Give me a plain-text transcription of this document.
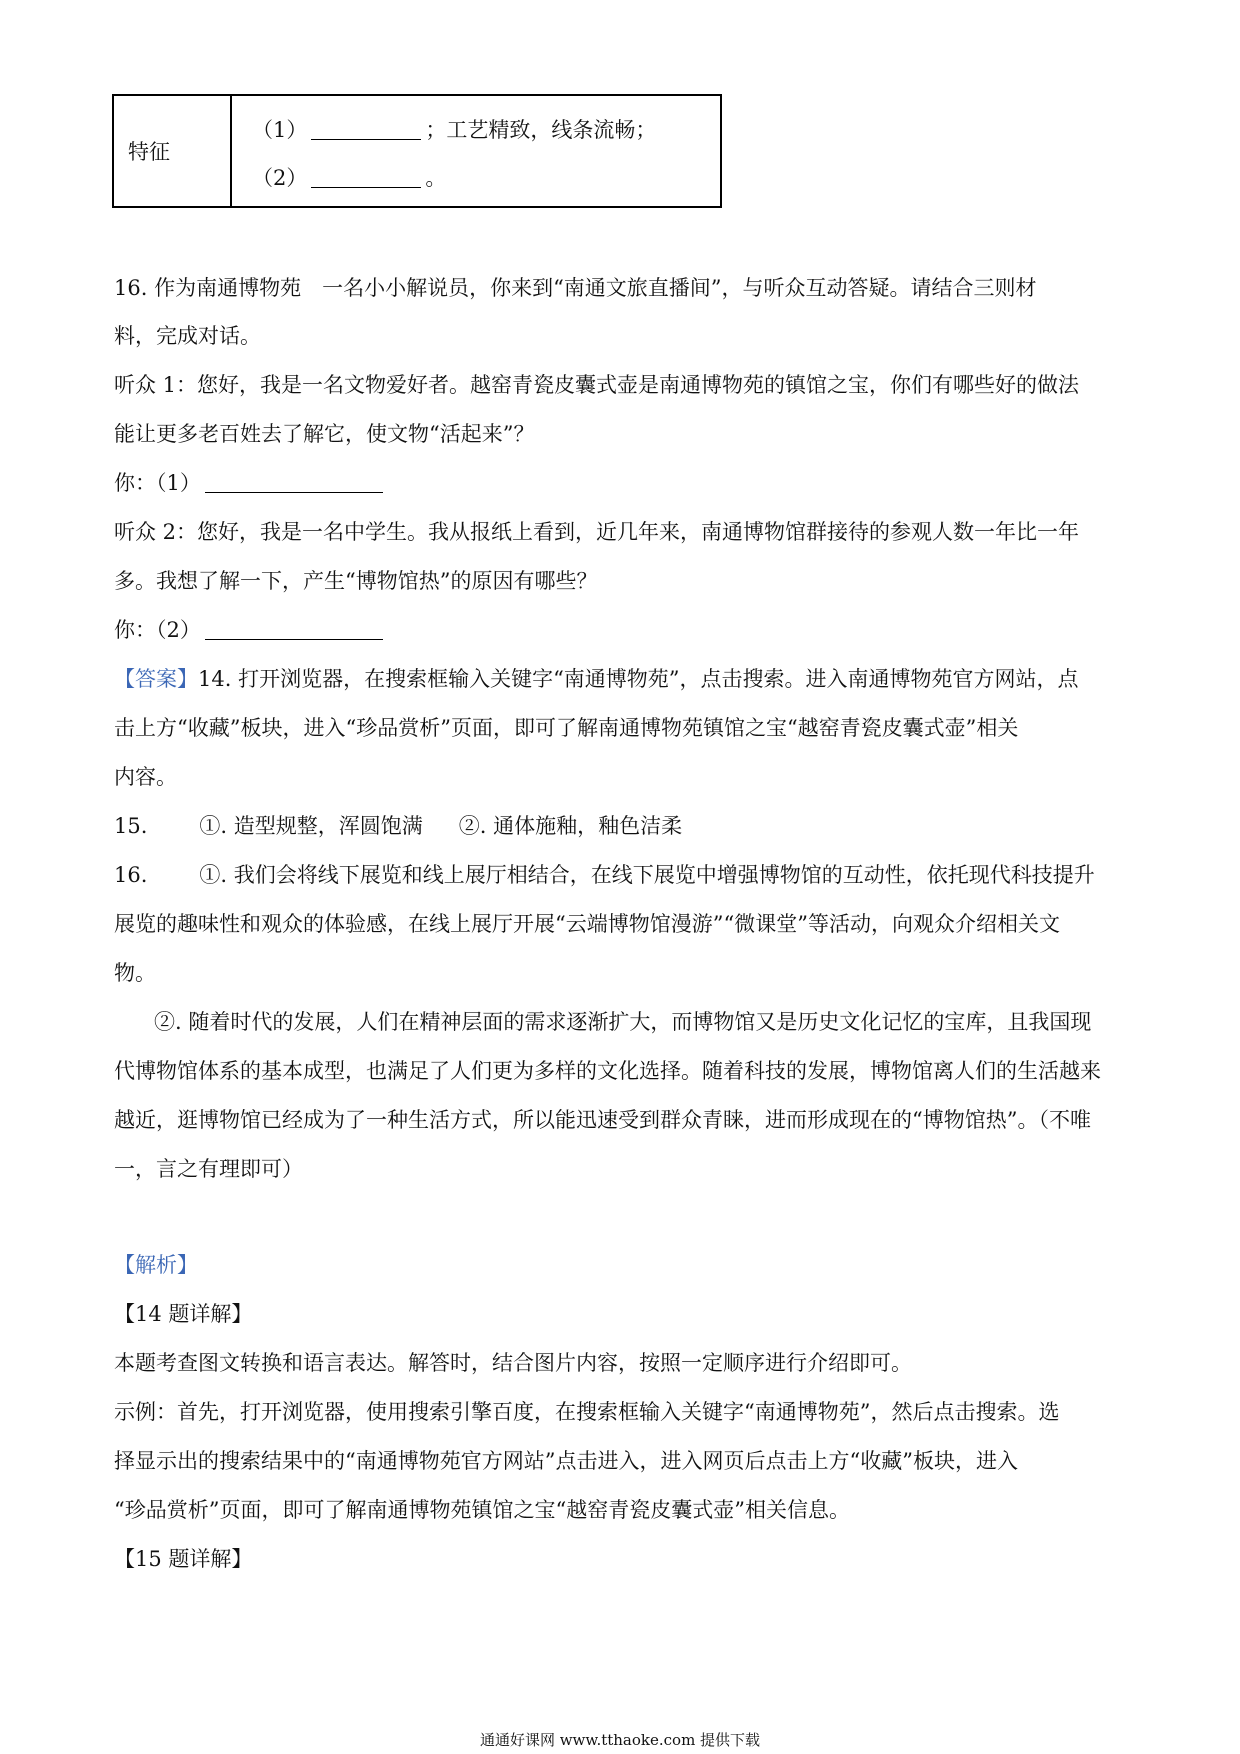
特征
（1）	；工艺精致，线条流畅；
（2）	。
16. 作为南通博物苑　一名小小解说员，你来到“南通文旅直播间”，与听众互动答疑。请结合三则材
料，完成对话。
听众 1：您好，我是一名文物爱好者。越窑青瓷皮囊式壶是南通博物苑的镇馆之宝，你们有哪些好的做法
能让更多老百姓去了解它，使文物“活起来”？
你：（1）
听众 2：您好，我是一名中学生。我从报纸上看到，近几年来，南通博物馆群接待的参观人数一年比一年
多。我想了解一下，产生“博物馆热”的原因有哪些？
你：（2）
【答案】14. 打开浏览器，在搜索框输入关键字“南通博物苑”，点击搜索。进入南通博物苑官方网站，点
击上方“收藏”板块，进入“珍品赏析”页面，即可了解南通博物苑镇馆之宝“越窑青瓷皮囊式壶”相关
内容。
15. ①. 造型规整，浑圆饱满 ②. 通体施釉，釉色洁柔
16. ①. 我们会将线下展览和线上展厅相结合，在线下展览中增强博物馆的互动性，依托现代科技提升
展览的趣味性和观众的体验感，在线上展厅开展“云端博物馆漫游”“微课堂”等活动，向观众介绍相关文
物。
②. 随着时代的发展，人们在精神层面的需求逐渐扩大，而博物馆又是历史文化记忆的宝库，且我国现
代博物馆体系的基本成型，也满足了人们更为多样的文化选择。随着科技的发展，博物馆离人们的生活越来
越近，逛博物馆已经成为了一种生活方式，所以能迅速受到群众青睐，进而形成现在的“博物馆热”。（不唯
一，言之有理即可）
【解析】
【14 题详解】
本题考查图文转换和语言表达。解答时，结合图片内容，按照一定顺序进行介绍即可。
示例：首先，打开浏览器，使用搜索引擎百度，在搜索框输入关键字“南通博物苑”，然后点击搜索。选
择显示出的搜索结果中的“南通博物苑官方网站”点击进入，进入网页后点击上方“收藏”板块，进入
“珍品赏析”页面，即可了解南通博物苑镇馆之宝“越窑青瓷皮囊式壶”相关信息。
【15 题详解】
通通好课网 www.tthaoke.com 提供下载
